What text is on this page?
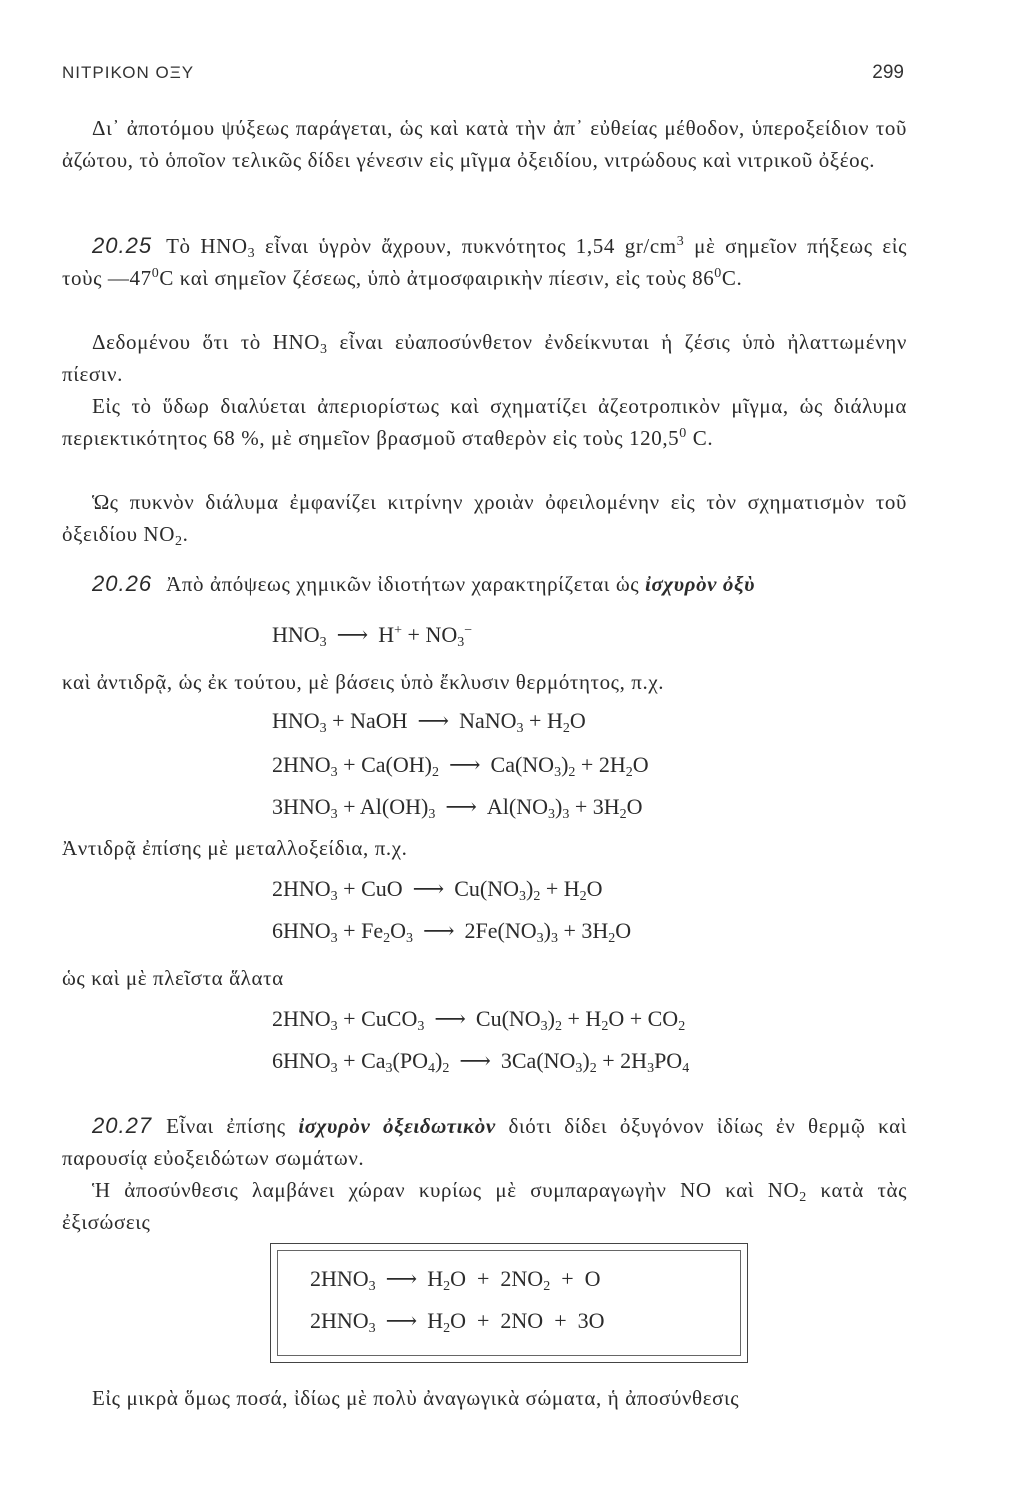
ΝΙΤΡΙΚΟΝ ΟΞΥ	299

Δι᾽ ἀποτόμου ψύξεως παράγεται, ὡς καὶ κατὰ τὴν ἀπ᾽ εὐθείας μέθοδον, ὑπεροξείδιον τοῦ ἀζώτου, τὸ ὁποῖον τελικῶς δίδει γένεσιν εἰς μῖγμα ὀξειδίου, νιτρώδους καὶ νιτρικοῦ ὀξέος.

20.25 Τὸ $HNO_3$ εἶναι ὑγρὸν ἄχρουν, πυκνότητος 1,54 $gr/cm^3$ μὲ σημεῖον πήξεως εἰς τοὺς $—47^0C$ καὶ σημεῖον ζέσεως, ὑπὸ ἀτμοσφαιρικὴν πίεσιν, εἰς τοὺς $86^0C$.

Δεδομένου ὅτι τὸ $HNO_3$ εἶναι εὐαποσύνθετον ἐνδείκνυται ἡ ζέσις ὑπὸ ἠλαττωμένην πίεσιν.

Εἰς τὸ ὕδωρ διαλύεται ἀπεριορίστως καὶ σχηματίζει ἀζεοτροπικὸν μῖγμα, ὡς διάλυμα περιεκτικότητος 68 %, μὲ σημεῖον βρασμοῦ σταθερὸν εἰς τοὺς 120,5$^0$ C.

Ὡς πυκνὸν διάλυμα ἐμφανίζει κιτρίνην χροιὰν ὀφειλομένην εἰς τὸν σχηματισμὸν τοῦ ὀξειδίου $NO_2$.

20.26 Ἀπὸ ἀπόψεως χημικῶν ἰδιοτήτων χαρακτηρίζεται ὡς ἰσχυρὸν ὀξὺ

$HNO_3$ ⟶ $H^+ + NO_3^-$

καὶ ἀντιδρᾷ, ὡς ἐκ τούτου, μὲ βάσεις ὑπὸ ἔκλυσιν θερμότητος, π.χ.

$HNO_3$ + NaOH ⟶ NaNO$_3$ + $H_2O$
$2HNO_3 + Ca(OH)_2$ ⟶ $Ca(NO_3)_2 + 2H_2O$
$3HNO_3 + Al(OH)_3$ ⟶ $Al(NO_3)_3 + 3H_2O$

Ἀντιδρᾷ ἐπίσης μὲ μεταλλοξείδια, π.χ.

$2HNO_3$ + CuO ⟶ $Cu(NO_3)_2 + H_2O$
$6HNO_3 + Fe_2O_3$ ⟶ $2Fe(NO_3)_3 + 3H_2O$

ὡς καὶ μὲ πλεῖστα ἅλατα

$2HNO_3$ + CuCO$_3$ ⟶ $Cu(NO_3)_2 + H_2O + CO_2$
$6HNO_3 + Ca_3(PO_4)_2$ ⟶ $3Ca(NO_3)_2 + 2H_3PO_4$

20.27 Εἶναι ἐπίσης ἰσχυρὸν ὀξειδωτικὸν διότι δίδει ὀξυγόνον ἰδίως ἐν θερμῷ καὶ παρουσίᾳ εὐοξειδώτων σωμάτων.

Ἡ ἀποσύνθεσις λαμβάνει χώραν κυρίως μὲ συμπαραγωγὴν NO καὶ $NO_2$ κατὰ τὰς ἐξισώσεις

$2HNO_3$ ⟶ $H_2O + 2NO_2 + O$
$2HNO_3$ ⟶ $H_2O + 2NO + 3O$

Εἰς μικρὰ ὅμως ποσά, ἰδίως μὲ πολὺ ἀναγωγικὰ σώματα, ἡ ἀποσύνθεσις
